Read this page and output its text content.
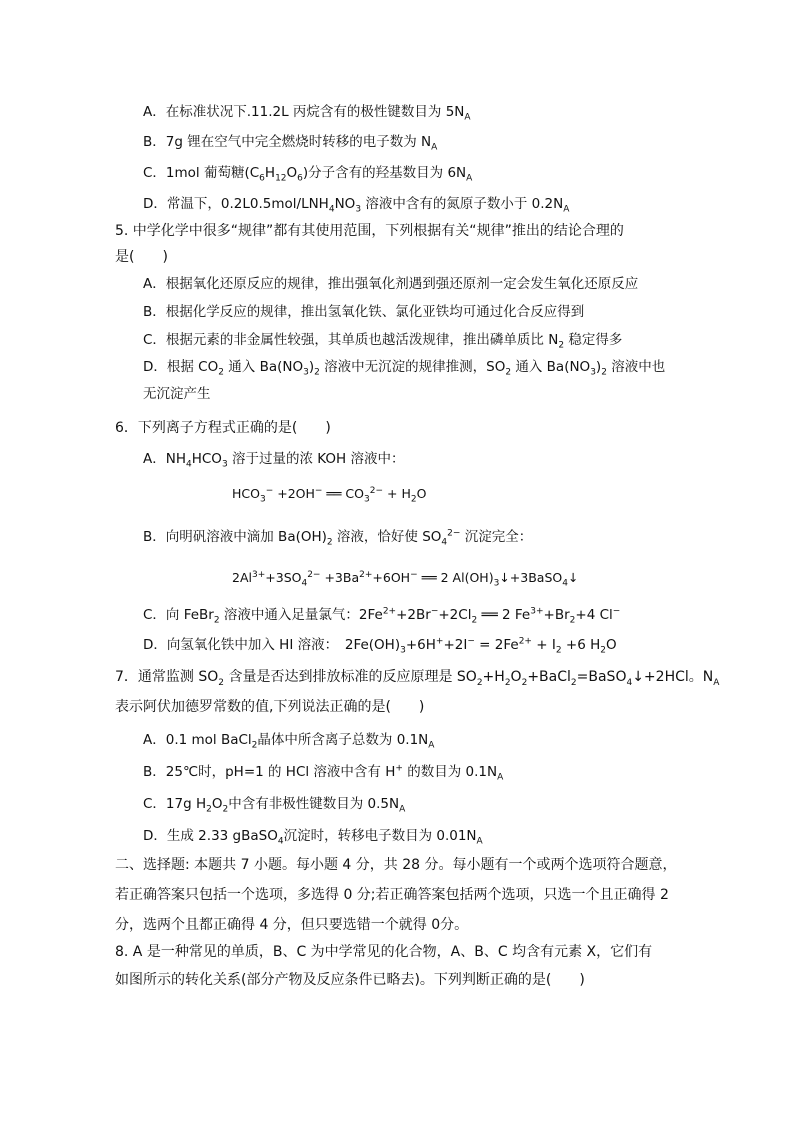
A．在标准状况下.11.2L 丙烷含有的极性键数目为 $5N_A$
B．7g 锂在空气中完全燃烧时转移的电子数为 $N_A$
C．1mol 葡萄糖$(C_6H_{12}O_6)$分子含有的羟基数目为 $6N_A$
D．常温下，$0.2L0.5mol/LNH_4NO_3$ 溶液中含有的氮原子数小于 $0.2N_A$
5. 中学化学中很多“规律”都有其使用范围，下列根据有关“规律”推出的结论合理的
是(　　)
A．根据氧化还原反应的规律，推出强氧化剂遇到强还原剂一定会发生氧化还原反应
B．根据化学反应的规律，推出氢氧化铁、氯化亚铁均可通过化合反应得到
C．根据元素的非金属性较强，其单质也越活泼规律，推出磷单质比 $N_2$ 稳定得多
D．根据 $CO_2$ 通入 $Ba(NO_3)_2$ 溶液中无沉淀的规律推测，$SO_2$ 通入 $Ba(NO_3)_2$ 溶液中也
无沉淀产生
6．下列离子方程式正确的是(　　)
A．$NH_4HCO_3$ 溶于过量的浓 KOH 溶液中：
$HCO_3^- +2OH^-$ ══ $CO_3^{2-} + H_2O$
B．向明矾溶液中滴加 $Ba(OH)_2$ 溶液，恰好使 $SO_4^{2-}$ 沉淀完全：
$2Al^{3+}+3SO_4^{2-} +3Ba^{2+}+6OH^-$ ══ 2 $Al(OH)_3↓+3BaSO_4↓$
C．向 FeBr$_2$ 溶液中通入足量氯气：$2Fe^{2+}+2Br^-+2Cl_2$ ══ 2 $Fe^{3+}+Br_2+4$ Cl−
D．向氢氧化铁中加入 HI 溶液：　$2Fe(OH)_3+6H^++2I^- = 2Fe^{2+} + I_2 +6$ $H_2O$
7．通常监测 $SO_2$ 含量是否达到排放标准的反应原理是 $SO_2+H_2O_2+BaCl_2=BaSO_4↓+2HCl$。$N_A$
表示阿伏加德罗常数的值,下列说法正确的是(　　)
A．0.1 mol BaCl$_2$晶体中所含离子总数为 $0.1N_A$
B．25℃时，pH=1 的 HCl 溶液中含有 H+ 的数目为 $0.1N_A$
C．17g $H_2O_2$中含有非极性键数目为 $0.5N_A$
D．生成 2.33 gBaSO$_4$沉淀时，转移电子数目为 $0.01N_A$
二、选择题: 本题共 7 小题。每小题 4 分，共 28 分。每小题有一个或两个选项符合题意，
若正确答案只包括一个选项，多选得 0 分;若正确答案包括两个选项，只选一个且正确得 2
分，选两个且都正确得 4 分，但只要选错一个就得 0分。
8. A 是一种常见的单质，B、C 为中学常见的化合物，A、B、C 均含有元素 X，它们有
如图所示的转化关系(部分产物及反应条件已略去)。下列判断正确的是(　　)
